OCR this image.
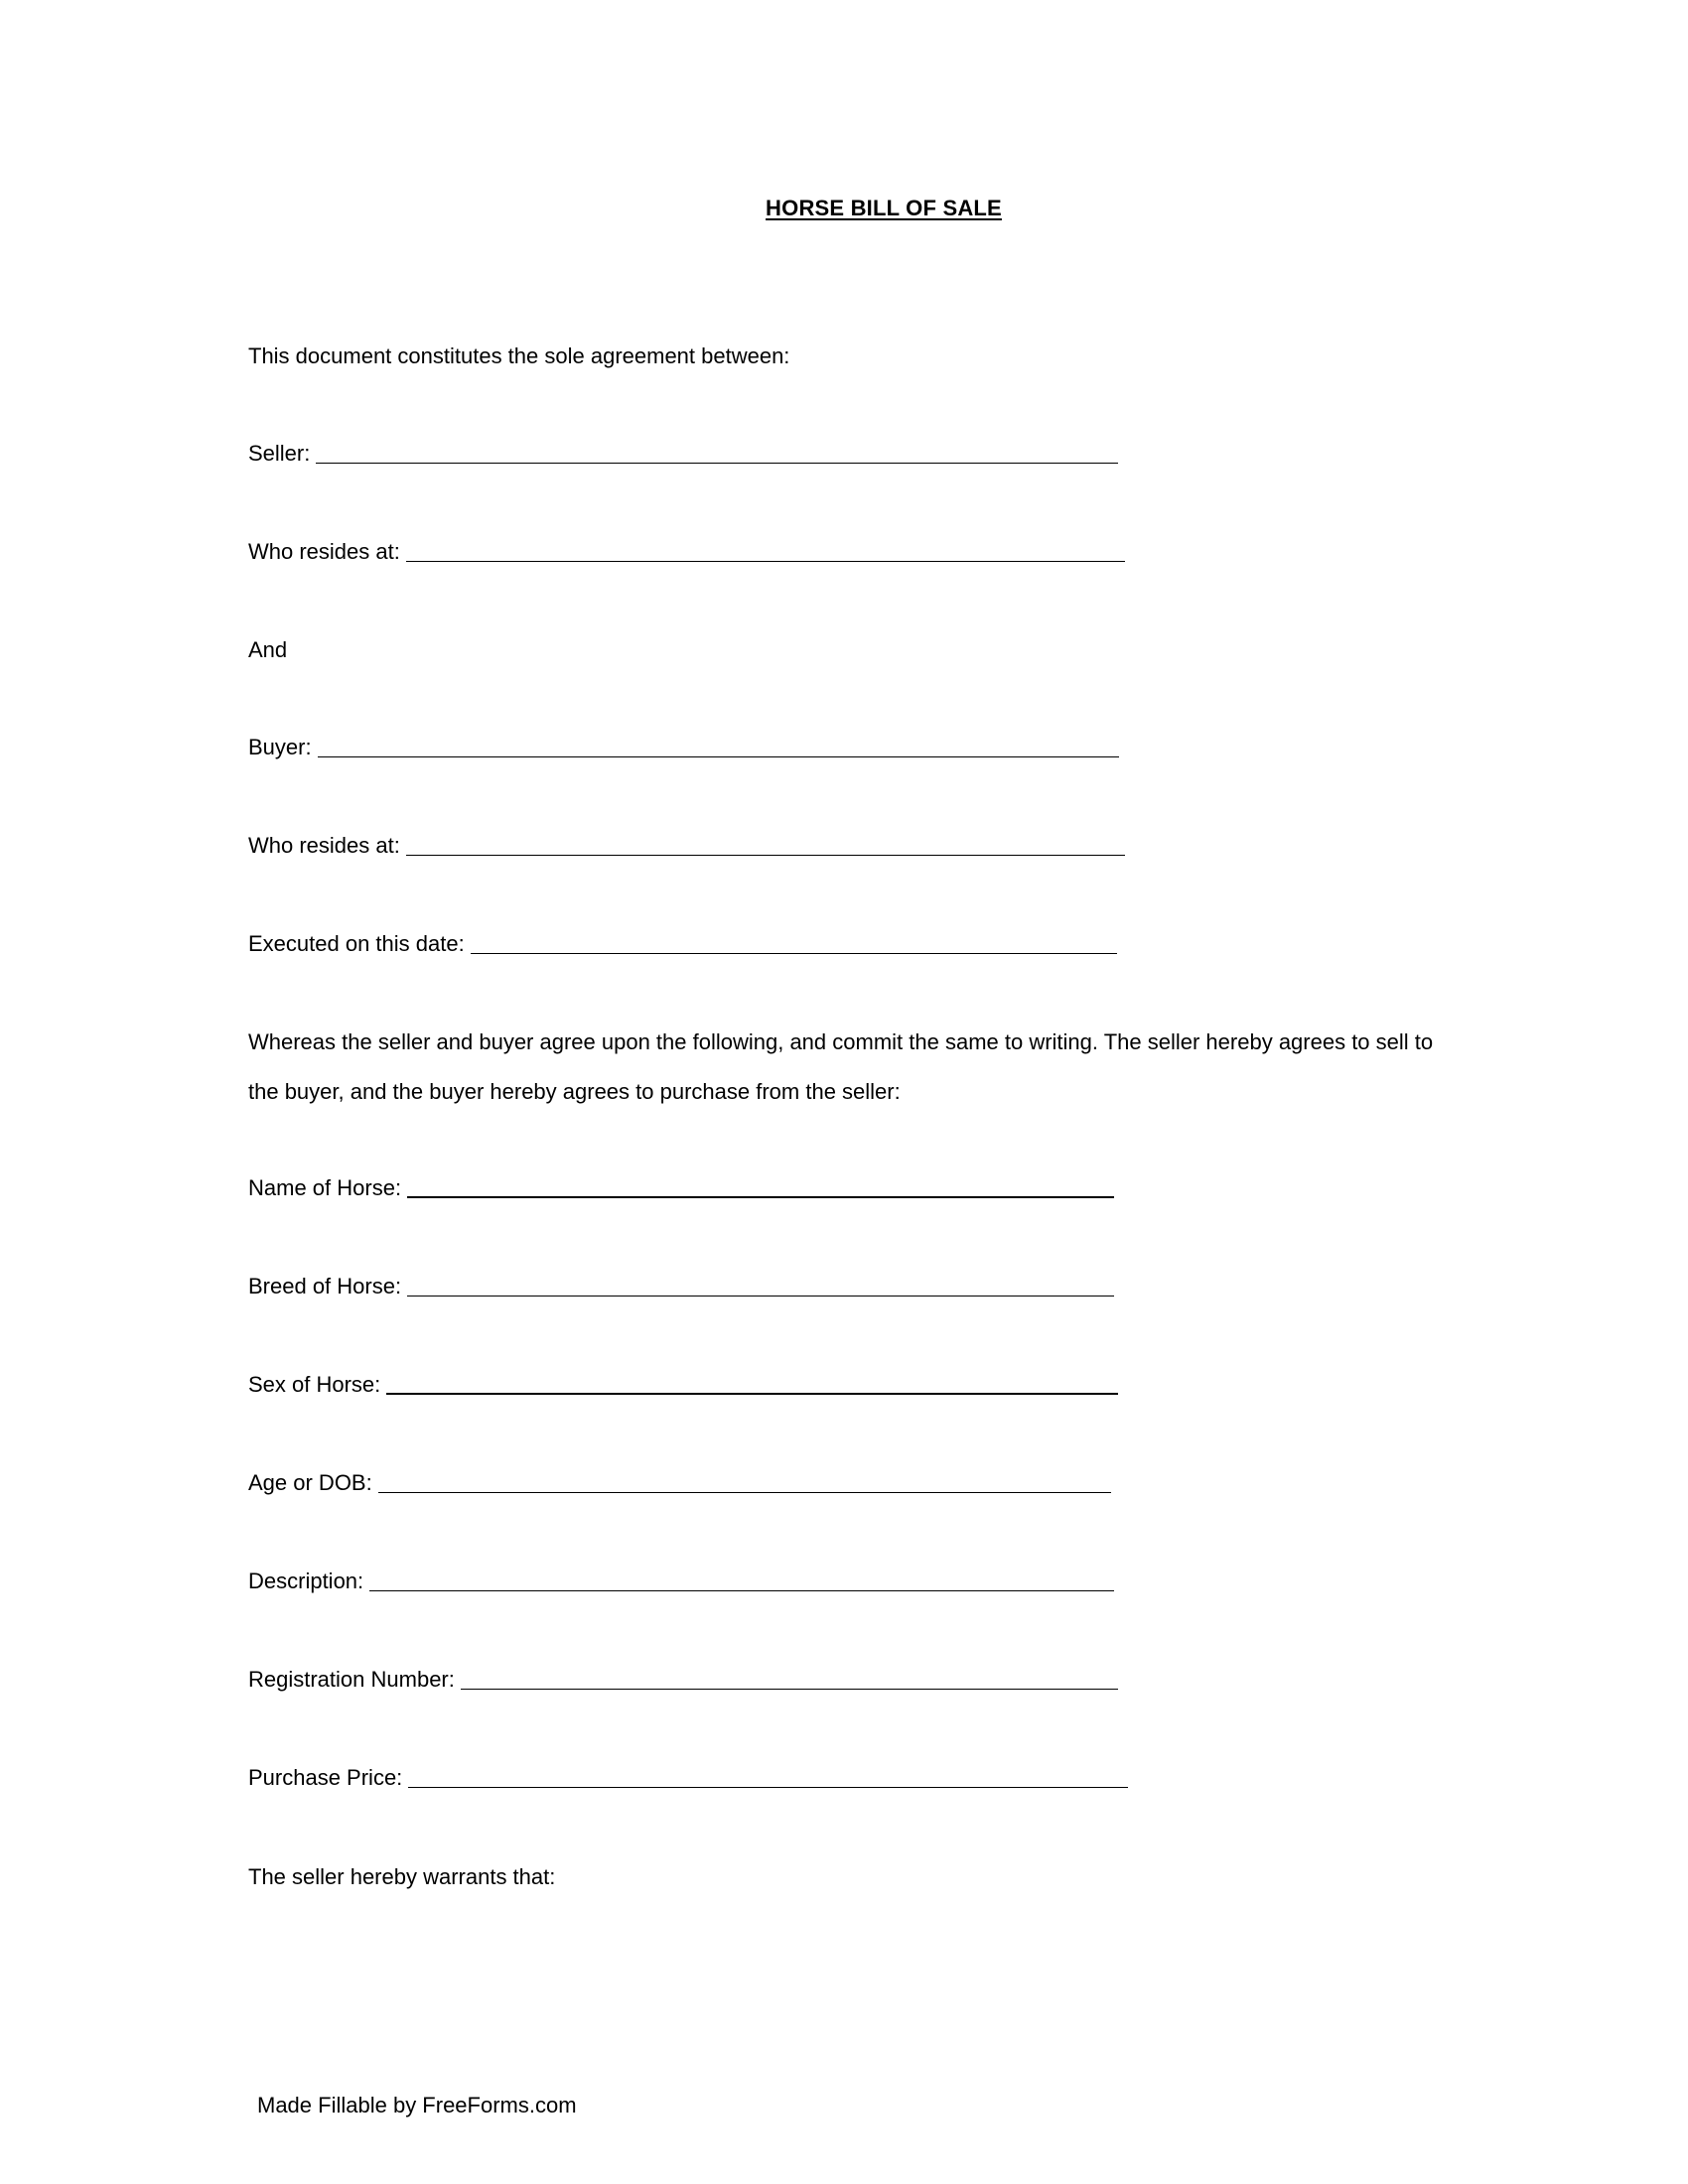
HORSE BILL OF SALE
This document constitutes the sole agreement between:
Seller:
Who resides at:
And
Buyer:
Who resides at:
Executed on this date:
Whereas the seller and buyer agree upon the following, and commit the same to writing. The seller hereby agrees to sell to the buyer, and the buyer hereby agrees to purchase from the seller:
Name of Horse:
Breed of Horse:
Sex of Horse:
Age or DOB:
Description:
Registration Number:
Purchase Price:
The seller hereby warrants that:
Made Fillable by FreeForms.com
